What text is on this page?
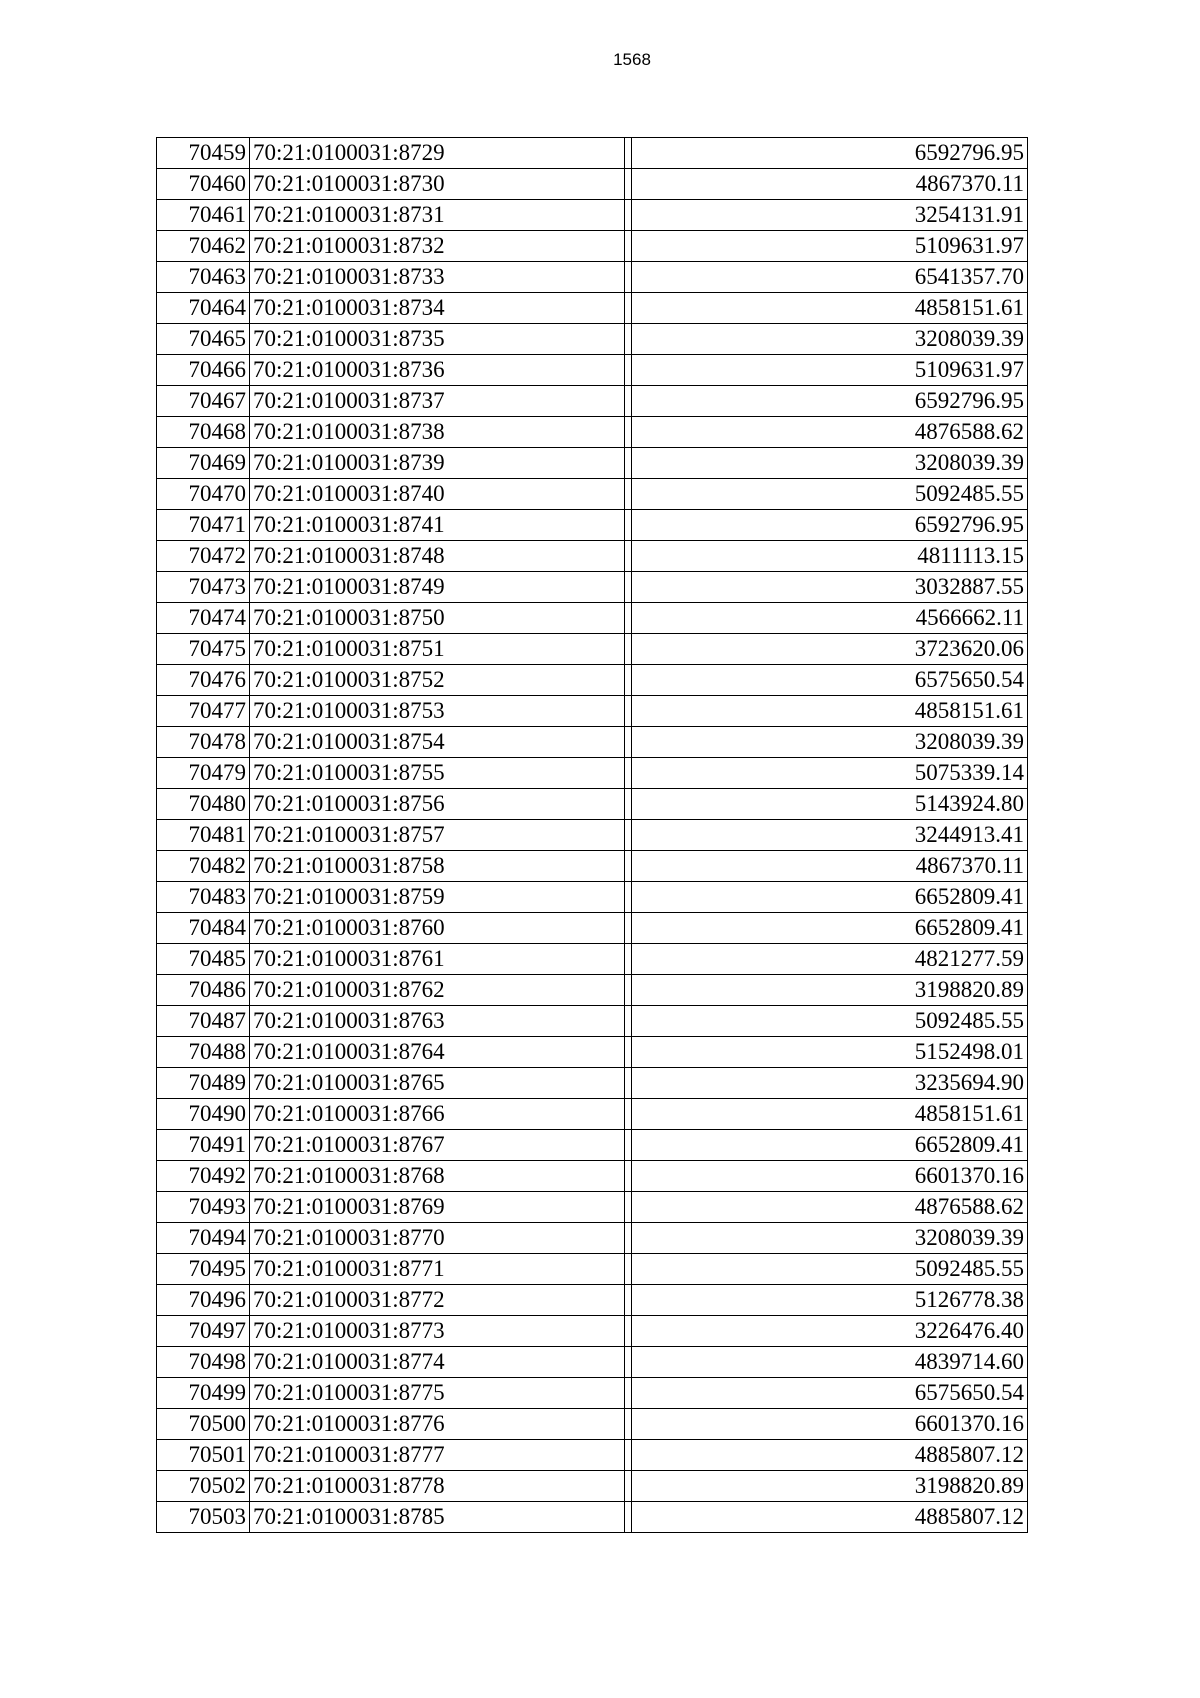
1568
70459	70:21:0100031:8729		6592796.95
70460	70:21:0100031:8730		4867370.11
70461	70:21:0100031:8731		3254131.91
70462	70:21:0100031:8732		5109631.97
70463	70:21:0100031:8733		6541357.70
70464	70:21:0100031:8734		4858151.61
70465	70:21:0100031:8735		3208039.39
70466	70:21:0100031:8736		5109631.97
70467	70:21:0100031:8737		6592796.95
70468	70:21:0100031:8738		4876588.62
70469	70:21:0100031:8739		3208039.39
70470	70:21:0100031:8740		5092485.55
70471	70:21:0100031:8741		6592796.95
70472	70:21:0100031:8748		4811113.15
70473	70:21:0100031:8749		3032887.55
70474	70:21:0100031:8750		4566662.11
70475	70:21:0100031:8751		3723620.06
70476	70:21:0100031:8752		6575650.54
70477	70:21:0100031:8753		4858151.61
70478	70:21:0100031:8754		3208039.39
70479	70:21:0100031:8755		5075339.14
70480	70:21:0100031:8756		5143924.80
70481	70:21:0100031:8757		3244913.41
70482	70:21:0100031:8758		4867370.11
70483	70:21:0100031:8759		6652809.41
70484	70:21:0100031:8760		6652809.41
70485	70:21:0100031:8761		4821277.59
70486	70:21:0100031:8762		3198820.89
70487	70:21:0100031:8763		5092485.55
70488	70:21:0100031:8764		5152498.01
70489	70:21:0100031:8765		3235694.90
70490	70:21:0100031:8766		4858151.61
70491	70:21:0100031:8767		6652809.41
70492	70:21:0100031:8768		6601370.16
70493	70:21:0100031:8769		4876588.62
70494	70:21:0100031:8770		3208039.39
70495	70:21:0100031:8771		5092485.55
70496	70:21:0100031:8772		5126778.38
70497	70:21:0100031:8773		3226476.40
70498	70:21:0100031:8774		4839714.60
70499	70:21:0100031:8775		6575650.54
70500	70:21:0100031:8776		6601370.16
70501	70:21:0100031:8777		4885807.12
70502	70:21:0100031:8778		3198820.89
70503	70:21:0100031:8785		4885807.12
